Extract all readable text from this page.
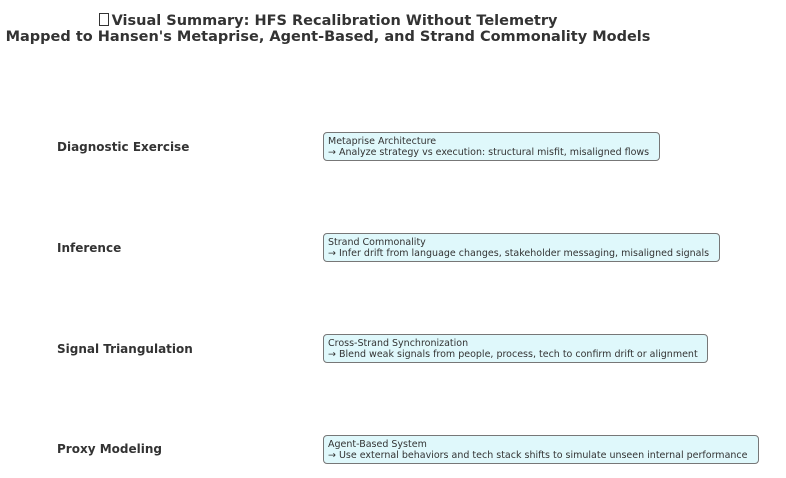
Visual Summary: HFS Recalibration Without Telemetry
Mapped to Hansen's Metaprise, Agent-Based, and Strand Commonality Models
Diagnostic Exercise	Metaprise Architecture
→ Analyze strategy vs execution: structural misfit, misaligned flows
Inference	Strand Commonality
→ Infer drift from language changes, stakeholder messaging, misaligned signals
Signal Triangulation	Cross-Strand Synchronization
→ Blend weak signals from people, process, tech to confirm drift or alignment
Proxy Modeling	Agent-Based System
→ Use external behaviors and tech stack shifts to simulate unseen internal performance
